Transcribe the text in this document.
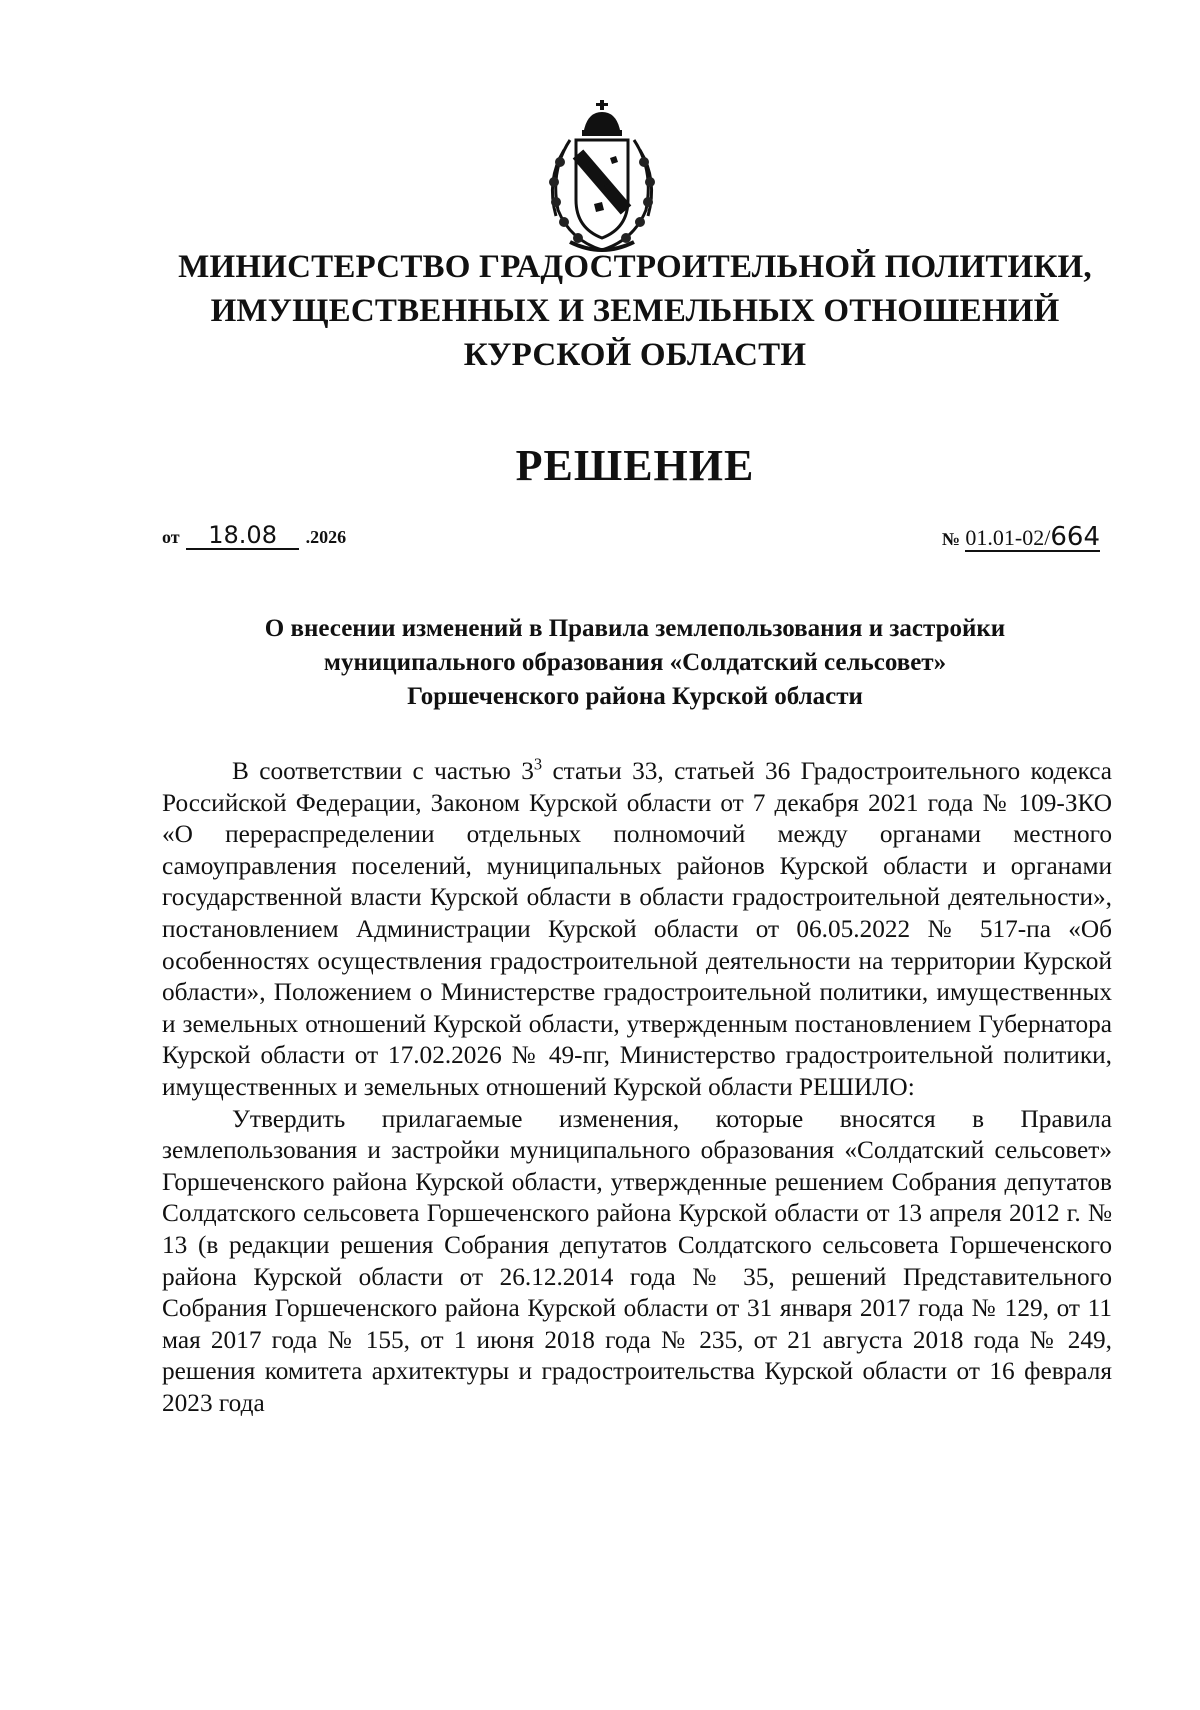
МИНИСТЕРСТВО ГРАДОСТРОИТЕЛЬНОЙ ПОЛИТИКИ,
ИМУЩЕСТВЕННЫХ И ЗЕМЕЛЬНЫХ ОТНОШЕНИЙ
КУРСКОЙ ОБЛАСТИ
РЕШЕНИЕ
от 18.08 .2026	№ 01.01-02/664
О внесении изменений в Правила землепользования и застройки
муниципального образования «Солдатский сельсовет»
Горшеченского района Курской области

В соответствии с частью $3^3$ статьи 33, статьей 36 Градостроительного кодекса Российской Федерации, Законом Курской области от 7 декабря 2021 года № 109-ЗКО «О перераспределении отдельных полномочий между органами местного самоуправления поселений, муниципальных районов Курской области и органами государственной власти Курской области в области градостроительной деятельности», постановлением Администрации Курской области от 06.05.2022 № 517-па «Об особенностях осуществления градостроительной деятельности на территории Курской области», Положением о Министерстве градостроительной политики, имущественных и земельных отношений Курской области, утвержденным постановлением Губернатора Курской области от 17.02.2026 № 49-пг, Министерство градостроительной политики, имущественных и земельных отношений Курской области РЕШИЛО:

Утвердить прилагаемые изменения, которые вносятся в Правила землепользования и застройки муниципального образования «Солдатский сельсовет» Горшеченского района Курской области, утвержденные решением Собрания депутатов Солдатского сельсовета Горшеченского района Курской области от 13 апреля 2012 г. № 13 (в редакции решения Собрания депутатов Солдатского сельсовета Горшеченского района Курской области от 26.12.2014 года № 35, решений Представительного Собрания Горшеченского района Курской области от 31 января 2017 года № 129, от 11 мая 2017 года № 155, от 1 июня 2018 года № 235, от 21 августа 2018 года № 249, решения комитета архитектуры и градостроительства Курской области от 16 февраля 2023 года
